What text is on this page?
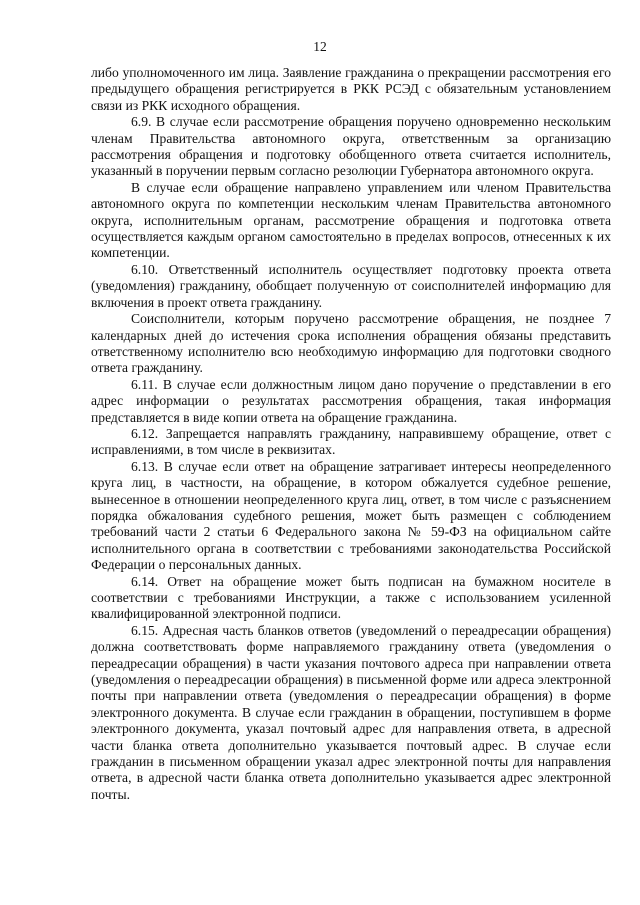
12

либо уполномоченного им лица. Заявление гражданина о прекращении рассмотрения его предыдущего обращения регистрируется в РКК РСЭД с обязательным установлением связи из РКК исходного обращения.

6.9. В случае если рассмотрение обращения поручено одновременно нескольким членам Правительства автономного округа, ответственным за организацию рассмотрения обращения и подготовку обобщенного ответа считается исполнитель, указанный в поручении первым согласно резолюции Губернатора автономного округа.

В случае если обращение направлено управлением или членом Правительства автономного округа по компетенции нескольким членам Правительства автономного округа, исполнительным органам, рассмотрение обращения и подготовка ответа осуществляется каждым органом самостоятельно в пределах вопросов, отнесенных к их компетенции.

6.10. Ответственный исполнитель осуществляет подготовку проекта ответа (уведомления) гражданину, обобщает полученную от соисполнителей информацию для включения в проект ответа гражданину.

Соисполнители, которым поручено рассмотрение обращения, не позднее 7 календарных дней до истечения срока исполнения обращения обязаны представить ответственному исполнителю всю необходимую информацию для подготовки сводного ответа гражданину.

6.11. В случае если должностным лицом дано поручение о представлении в его адрес информации о результатах рассмотрения обращения, такая информация представляется в виде копии ответа на обращение гражданина.

6.12. Запрещается направлять гражданину, направившему обращение, ответ с исправлениями, в том числе в реквизитах.

6.13. В случае если ответ на обращение затрагивает интересы неопределенного круга лиц, в частности, на обращение, в котором обжалуется судебное решение, вынесенное в отношении неопределенного круга лиц, ответ, в том числе с разъяснением порядка обжалования судебного решения, может быть размещен с соблюдением требований части 2 статьи 6 Федерального закона № 59-ФЗ на официальном сайте исполнительного органа в соответствии с требованиями законодательства Российской Федерации о персональных данных.

6.14. Ответ на обращение может быть подписан на бумажном носителе в соответствии с требованиями Инструкции, а также с использованием усиленной квалифицированной электронной подписи.

6.15. Адресная часть бланков ответов (уведомлений о переадресации обращения) должна соответствовать форме направляемого гражданину ответа (уведомления о переадресации обращения) в части указания почтового адреса при направлении ответа (уведомления о переадресации обращения) в письменной форме или адреса электронной почты при направлении ответа (уведомления о переадресации обращения) в форме электронного документа. В случае если гражданин в обращении, поступившем в форме электронного документа, указал почтовый адрес для направления ответа, в адресной части бланка ответа дополнительно указывается почтовый адрес. В случае если гражданин в письменном обращении указал адрес электронной почты для направления ответа, в адресной части бланка ответа дополнительно указывается адрес электронной почты.
